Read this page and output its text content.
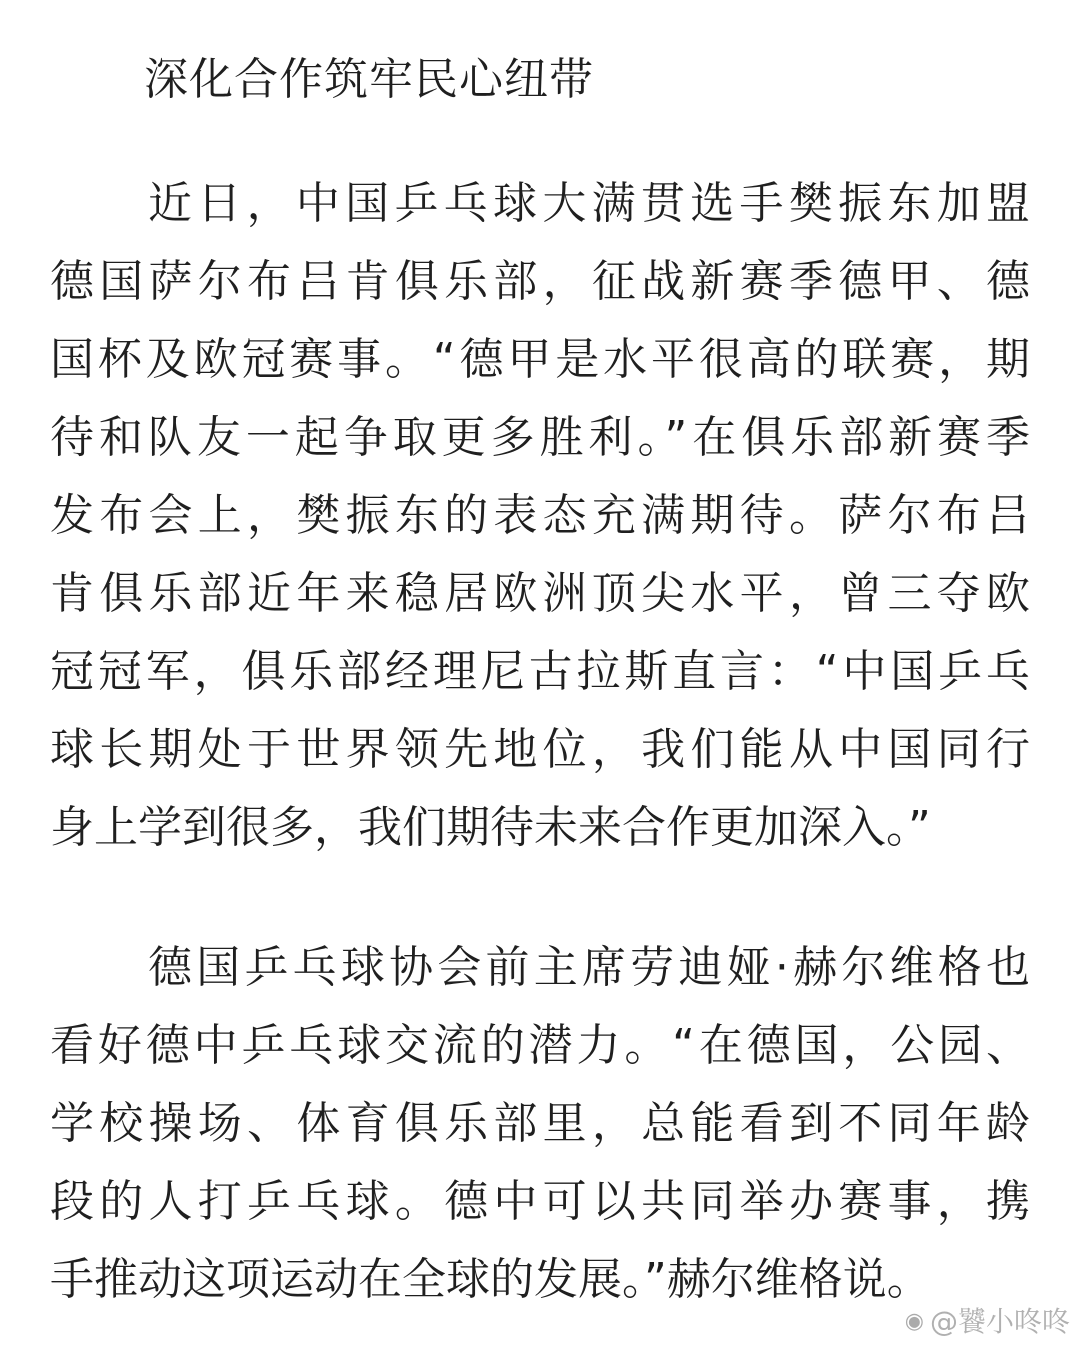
深化合作筑牢民心纽带
近日，中国乒乓球大满贯选手樊振东加盟
德国萨尔布吕肯俱乐部，征战新赛季德甲、德
国杯及欧冠赛事。“德甲是水平很高的联赛，期
待和队友一起争取更多胜利。”在俱乐部新赛季
发布会上，樊振东的表态充满期待。萨尔布吕
肯俱乐部近年来稳居欧洲顶尖水平，曾三夺欧
冠冠军，俱乐部经理尼古拉斯直言：“中国乒乓
球长期处于世界领先地位，我们能从中国同行
身上学到很多，我们期待未来合作更加深入。”
德国乒乓球协会前主席劳迪娅·赫尔维格也
看好德中乒乓球交流的潜力。“在德国，公园、
学校操场、体育俱乐部里，总能看到不同年龄
段的人打乒乓球。德中可以共同举办赛事，携
手推动这项运动在全球的发展。”赫尔维格说。
◉ @饕小咚咚
